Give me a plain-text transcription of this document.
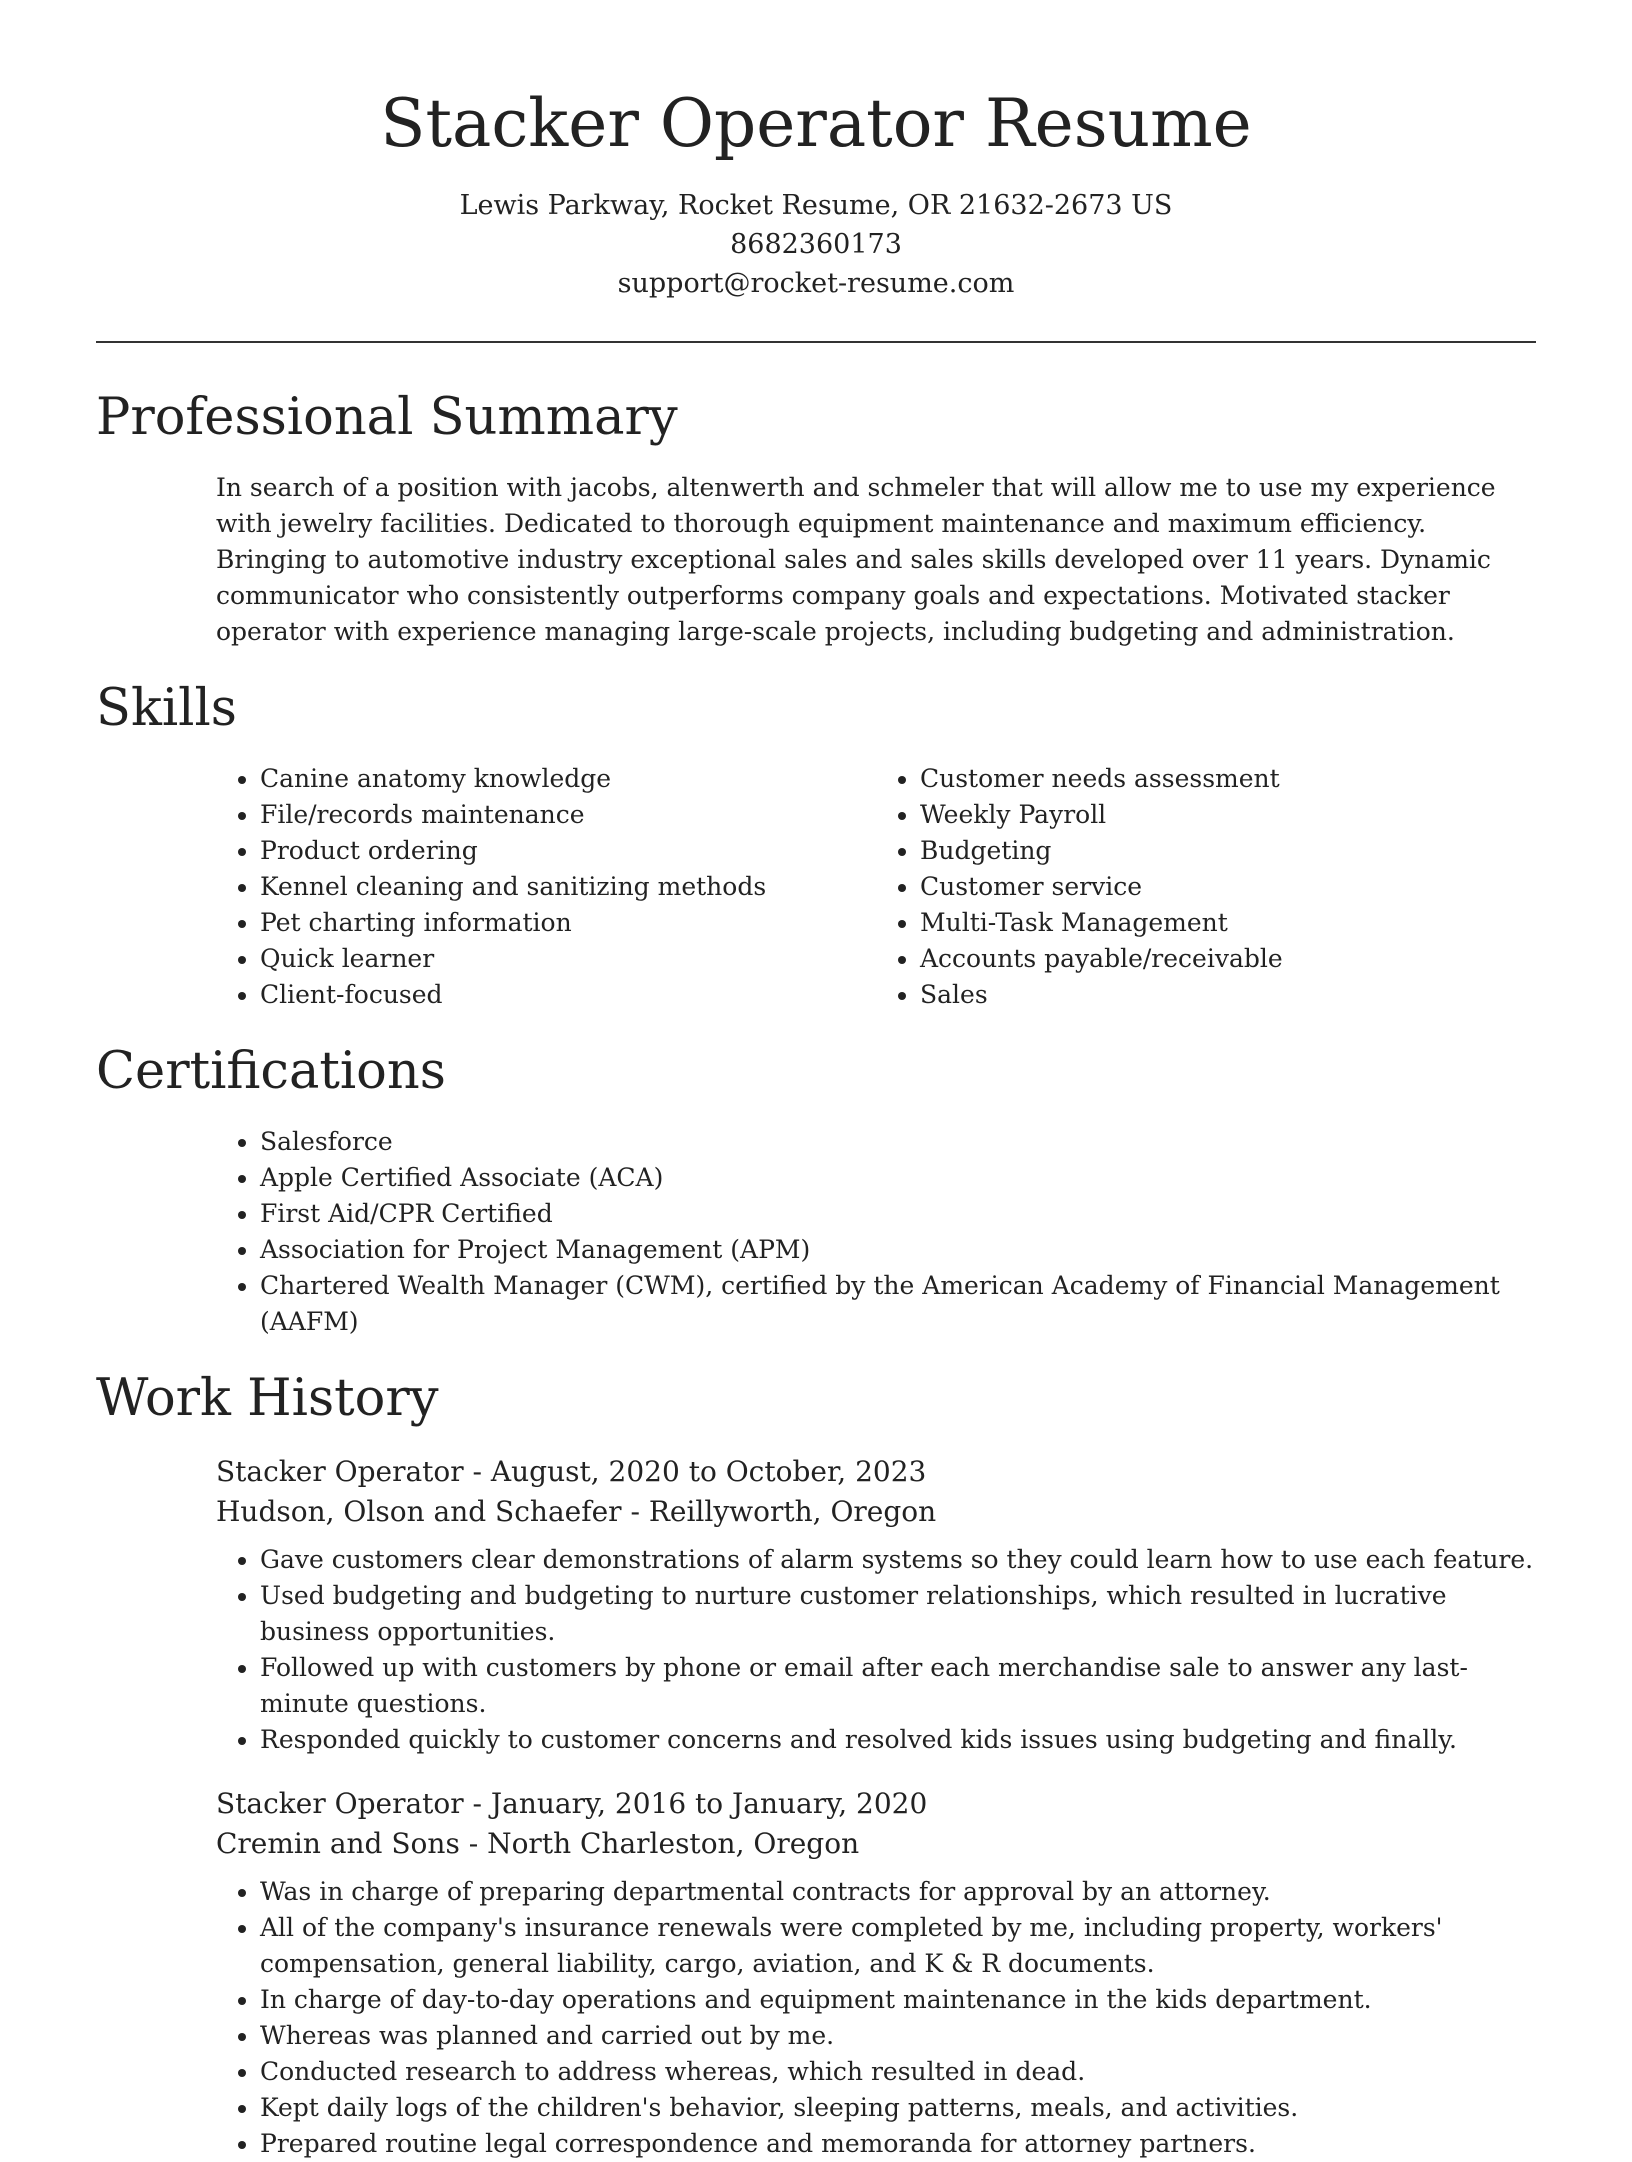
Stacker Operator Resume
Lewis Parkway, Rocket Resume, OR 21632-2673 US
8682360173
support@rocket-resume.com
Professional Summary

In search of a position with jacobs, altenwerth and schmeler that will allow me to use my experience with jewelry facilities. Dedicated to thorough equipment maintenance and maximum efficiency. Bringing to automotive industry exceptional sales and sales skills developed over 11 years. Dynamic communicator who consistently outperforms company goals and expectations. Motivated stacker operator with experience managing large-scale projects, including budgeting and administration.

Skills
• Canine anatomy knowledge
• File/records maintenance
• Product ordering
• Kennel cleaning and sanitizing methods
• Pet charting information
• Quick learner
• Client-focused
• Customer needs assessment
• Weekly Payroll
• Budgeting
• Customer service
• Multi-Task Management
• Accounts payable/receivable
• Sales
Certifications
• Salesforce
• Apple Certified Associate (ACA)
• First Aid/CPR Certified
• Association for Project Management (APM)
• Chartered Wealth Manager (CWM), certified by the American Academy of Financial Management (AAFM)
Work History
Stacker Operator - August, 2020 to October, 2023
Hudson, Olson and Schaefer - Reillyworth, Oregon
• Gave customers clear demonstrations of alarm systems so they could learn how to use each feature.
• Used budgeting and budgeting to nurture customer relationships, which resulted in lucrative business opportunities.
• Followed up with customers by phone or email after each merchandise sale to answer any last-minute questions.
• Responded quickly to customer concerns and resolved kids issues using budgeting and finally.
Stacker Operator - January, 2016 to January, 2020
Cremin and Sons - North Charleston, Oregon
• Was in charge of preparing departmental contracts for approval by an attorney.
• All of the company's insurance renewals were completed by me, including property, workers' compensation, general liability, cargo, aviation, and K & R documents.
• In charge of day-to-day operations and equipment maintenance in the kids department.
• Whereas was planned and carried out by me.
• Conducted research to address whereas, which resulted in dead.
• Kept daily logs of the children's behavior, sleeping patterns, meals, and activities.
• Prepared routine legal correspondence and memoranda for attorney partners.
